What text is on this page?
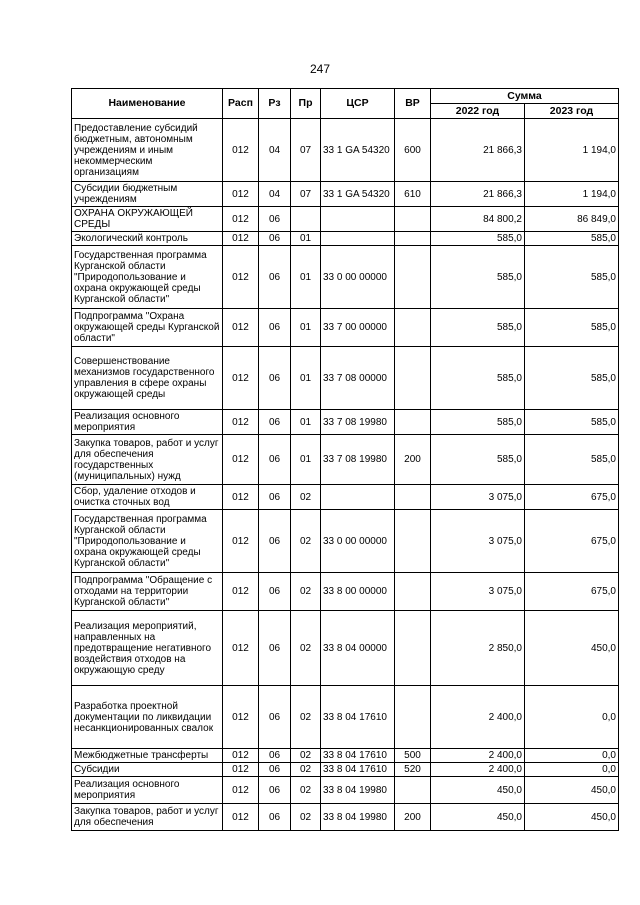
247
Наименование	Расп	Рз	Пр	ЦСР	ВР	Сумма	
						2022 год	2023 год
Предоставление субсидий бюджетным, автономным учреждениям и иным некоммерческим организациям	012	04	07	33 1 GA 54320	600	21 866,3	1 194,0
Субсидии бюджетным учреждениям	012	04	07	33 1 GA 54320	610	21 866,3	1 194,0
ОХРАНА ОКРУЖАЮЩЕЙ СРЕДЫ	012	06				84 800,2	86 849,0
Экологический контроль	012	06	01			585,0	585,0
Государственная программа Курганской области "Природопользование и охрана окружающей среды Курганской области"	012	06	01	33 0 00 00000		585,0	585,0
Подпрограмма "Охрана окружающей среды Курганской области"	012	06	01	33 7 00 00000		585,0	585,0
Совершенствование механизмов государственного управления в сфере охраны окружающей среды	012	06	01	33 7 08 00000		585,0	585,0
Реализация основного мероприятия	012	06	01	33 7 08 19980		585,0	585,0
Закупка товаров, работ и услуг для обеспечения государственных (муниципальных) нужд	012	06	01	33 7 08 19980	200	585,0	585,0
Сбор, удаление отходов и очистка сточных вод	012	06	02			3 075,0	675,0
Государственная программа Курганской области "Природопользование и охрана окружающей среды Курганской области"	012	06	02	33 0 00 00000		3 075,0	675,0
Подпрограмма "Обращение с отходами на территории Курганской области"	012	06	02	33 8 00 00000		3 075,0	675,0
Реализация мероприятий, направленных на предотвращение негативного воздействия отходов на окружающую среду	012	06	02	33 8 04 00000		2 850,0	450,0
Разработка проектной документации по ликвидации несанкционированных свалок	012	06	02	33 8 04 17610		2 400,0	0,0
Межбюджетные трансферты	012	06	02	33 8 04 17610	500	2 400,0	0,0
Субсидии	012	06	02	33 8 04 17610	520	2 400,0	0,0
Реализация основного мероприятия	012	06	02	33 8 04 19980		450,0	450,0
Закупка товаров, работ и услуг для обеспечения	012	06	02	33 8 04 19980	200	450,0	450,0
